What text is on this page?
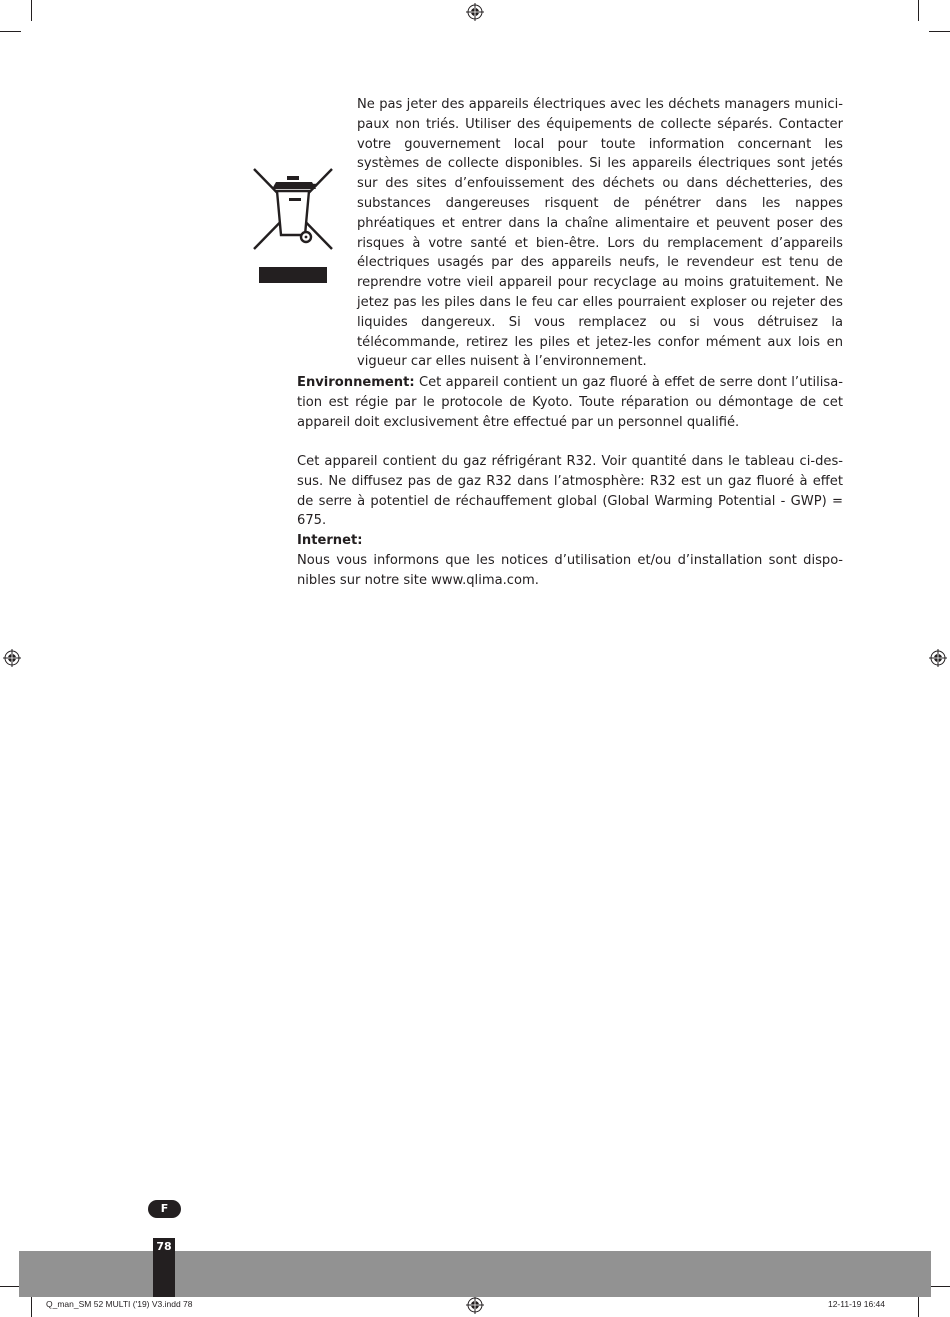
Ne pas jeter des appareils électriques avec les déchets managers municipaux non triés. Utiliser des équipements de collecte séparés. Contacter votre gouvernement local pour toute information concernant les systèmes de collecte disponibles. Si les appareils électriques sont jetés sur des sites d’enfouissement des déchets ou dans déchetteries, des substances dangereuses risquent de pénétrer dans les nappes phréatiques et entrer dans la chaîne alimentaire et peuvent poser des risques à votre santé et bien-être. Lors du remplacement d’appareils électriques usagés par des appareils neufs, le revendeur est tenu de reprendre votre vieil appareil pour recyclage au moins gratuitement. Ne jetez pas les piles dans le feu car elles pourraient exploser ou rejeter des liquides dangereux. Si vous remplacez ou si vous détruisez la télécommande, retirez les piles et jetez-les confor mément aux lois en vigueur car elles nuisent à l’environnement.

Environnement: Cet appareil contient un gaz fluoré à effet de serre dont l’utilisation est régie par le protocole de Kyoto. Toute réparation ou démontage de cet appareil doit exclusivement être effectué par un personnel qualifié.

Cet appareil contient du gaz réfrigérant R32. Voir quantité dans le tableau ci-dessus. Ne diffusez pas de gaz R32 dans l’atmosphère: R32 est un gaz fluoré à effet de serre à potentiel de réchauffement global (Global Warming Potential - GWP) = 675.

Internet:
Nous vous informons que les notices d’utilisation et/ou d’installation sont disponibles sur notre site www.qlima.com.
F
78
Q_man_SM 52 MULTI ('19) V3.indd 78	12-11-19 16:44
